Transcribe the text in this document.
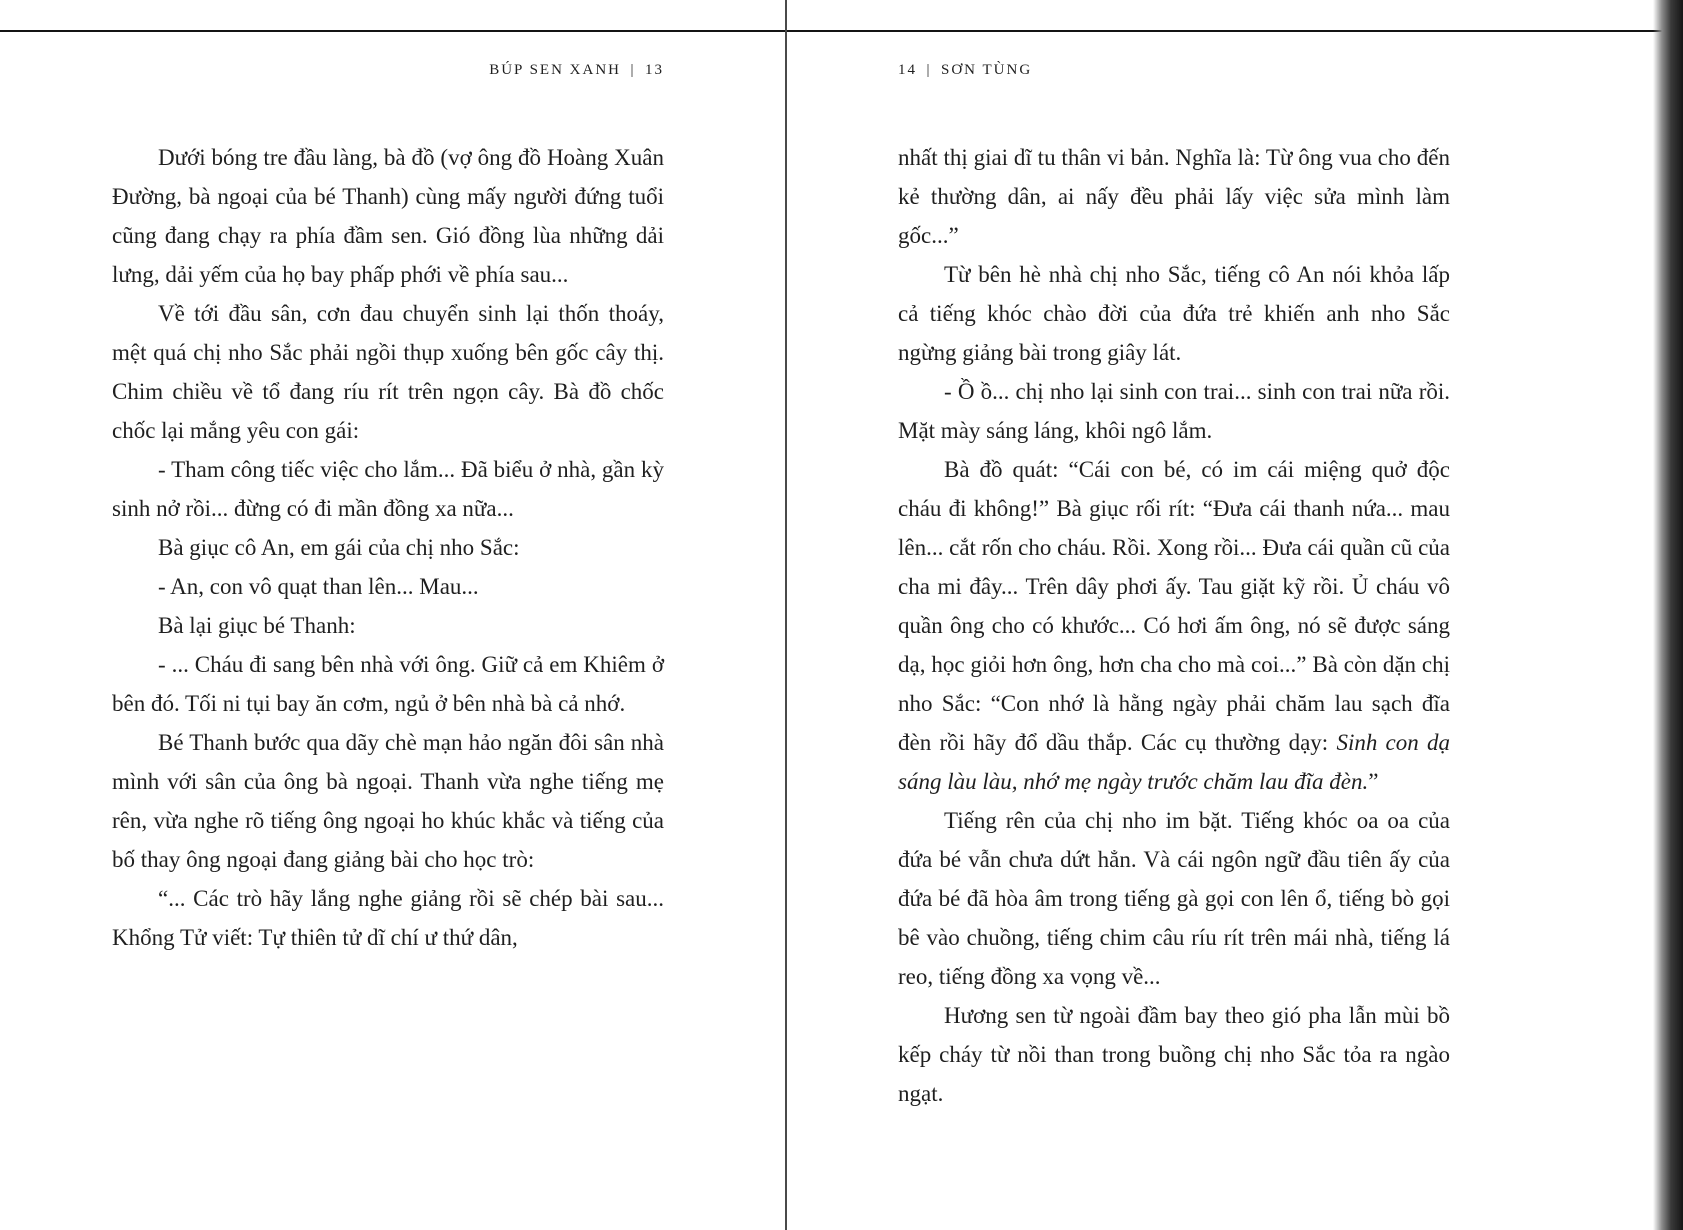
BÚP SEN XANH | 13

Dưới bóng tre đầu làng, bà đồ (vợ ông đồ Hoàng Xuân Đường, bà ngoại của bé Thanh) cùng mấy người đứng tuổi cũng đang chạy ra phía đầm sen. Gió đồng lùa những dải lưng, dải yếm của họ bay phấp phới về phía sau...

Về tới đầu sân, cơn đau chuyển sinh lại thốn thoáy, mệt quá chị nho Sắc phải ngồi thụp xuống bên gốc cây thị. Chim chiều về tổ đang ríu rít trên ngọn cây. Bà đồ chốc chốc lại mắng yêu con gái:

- Tham công tiếc việc cho lắm... Đã biểu ở nhà, gần kỳ sinh nở rồi... đừng có đi mần đồng xa nữa...

Bà giục cô An, em gái của chị nho Sắc:

- An, con vô quạt than lên... Mau...

Bà lại giục bé Thanh:

- ... Cháu đi sang bên nhà với ông. Giữ cả em Khiêm ở bên đó. Tối ni tụi bay ăn cơm, ngủ ở bên nhà bà cả nhớ.

Bé Thanh bước qua dãy chè mạn hảo ngăn đôi sân nhà mình với sân của ông bà ngoại. Thanh vừa nghe tiếng mẹ rên, vừa nghe rõ tiếng ông ngoại ho khúc khắc và tiếng của bố thay ông ngoại đang giảng bài cho học trò:

“... Các trò hãy lắng nghe giảng rồi sẽ chép bài sau... Khổng Tử viết: Tự thiên tử dĩ chí ư thứ dân,

14 | SƠN TÙNG

nhất thị giai dĩ tu thân vi bản. Nghĩa là: Từ ông vua cho đến kẻ thường dân, ai nấy đều phải lấy việc sửa mình làm gốc...”

Từ bên hè nhà chị nho Sắc, tiếng cô An nói khỏa lấp cả tiếng khóc chào đời của đứa trẻ khiến anh nho Sắc ngừng giảng bài trong giây lát.

- Ồ ồ... chị nho lại sinh con trai... sinh con trai nữa rồi. Mặt mày sáng láng, khôi ngô lắm.

Bà đồ quát: “Cái con bé, có im cái miệng quở độc cháu đi không!” Bà giục rối rít: “Đưa cái thanh nứa... mau lên... cắt rốn cho cháu. Rồi. Xong rồi... Đưa cái quần cũ của cha mi đây... Trên dây phơi ấy. Tau giặt kỹ rồi. Ủ cháu vô quần ông cho có khước... Có hơi ấm ông, nó sẽ được sáng dạ, học giỏi hơn ông, hơn cha cho mà coi...” Bà còn dặn chị nho Sắc: “Con nhớ là hằng ngày phải chăm lau sạch đĩa đèn rồi hãy đổ dầu thắp. Các cụ thường dạy: Sinh con dạ sáng làu làu, nhớ mẹ ngày trước chăm lau đĩa đèn.”

Tiếng rên của chị nho im bặt. Tiếng khóc oa oa của đứa bé vẫn chưa dứt hẳn. Và cái ngôn ngữ đầu tiên ấy của đứa bé đã hòa âm trong tiếng gà gọi con lên ổ, tiếng bò gọi bê vào chuồng, tiếng chim câu ríu rít trên mái nhà, tiếng lá reo, tiếng đồng xa vọng về...

Hương sen từ ngoài đầm bay theo gió pha lẫn mùi bồ kếp cháy từ nồi than trong buồng chị nho Sắc tỏa ra ngào ngạt.
